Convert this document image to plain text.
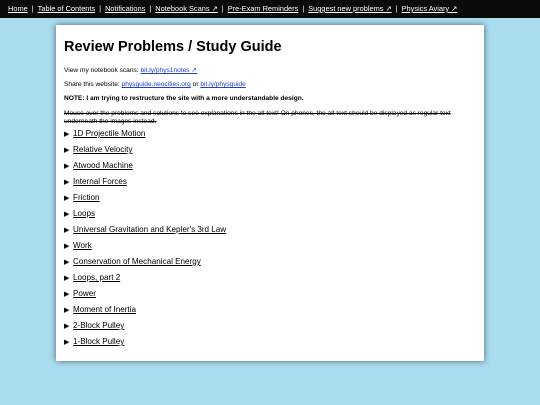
Home | Table of Contents | Notifications | Notebook Scans ↗ | Pre-Exam Reminders | Suggest new problems ↗ | Physics Aviary ↗
Review Problems / Study Guide
View my notebook scans: bit.ly/phys1notes ↗
Share this website: physguide.neocities.org or bit.ly/physguide
NOTE: I am trying to restructure the site with a more understandable design.
Mouse over the problems and solutions to see explanations in the alt text! On phones, the alt text should be displayed as regular text underneath the images instead.
▶ 1D Projectile Motion
▶ Relative Velocity
▶ Atwood Machine
▶ Internal Forces
▶ Friction
▶ Loops
▶ Universal Gravitation and Kepler's 3rd Law
▶ Work
▶ Conservation of Mechanical Energy
▶ Loops, part 2
▶ Power
▶ Moment of Inertia
▶ 2-Block Pulley
▶ 1-Block Pulley
